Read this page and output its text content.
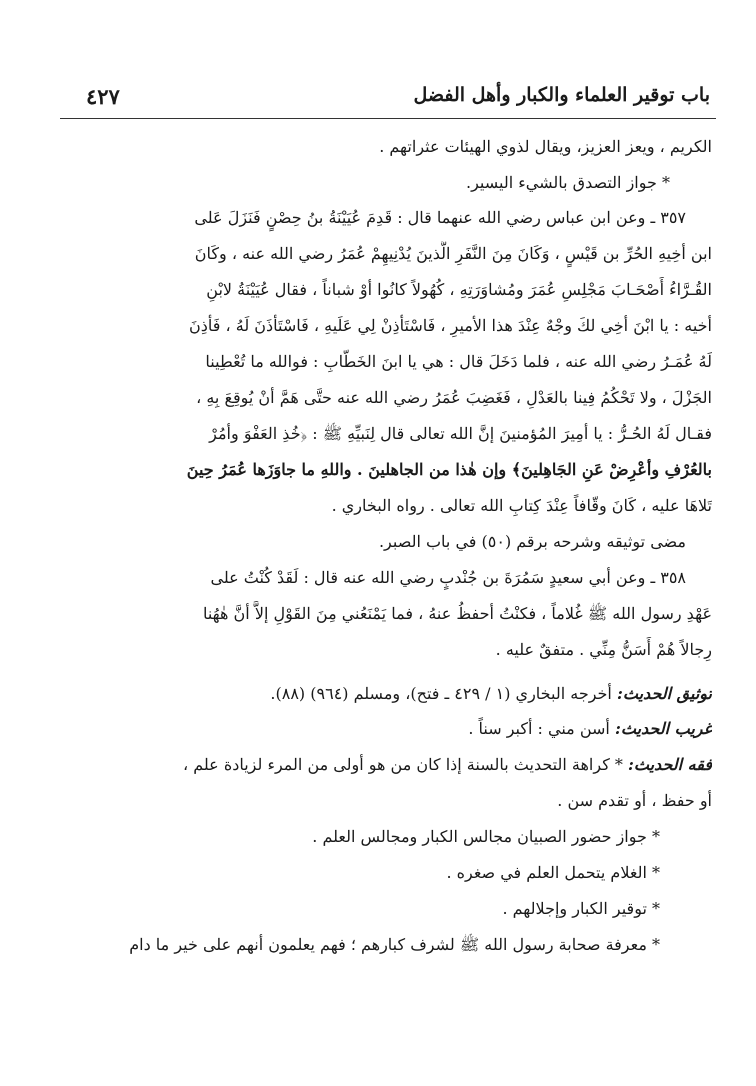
باب توقير العلماء والكبار وأهل الفضل
٤٢٧
الكريم ، ويعز العزيز، ويقال لذوي الهيئات عثراتهم .
* جواز التصدق بالشيء اليسير.
٣٥٧ ـ وعن ابن عباس رضي الله عنهما قال : قَدِمَ عُيَيْنَةُ بنُ حِصْنٍ فَنَزَلَ عَلى
ابن أخِيهِ الحُرِّ بن قَيْسٍ ، وَكَانَ مِنَ النَّفَرِ الَّذينَ يُدْنِيهِمْ عُمَرُ رضي الله عنه ، وكَانَ
القُـرَّاءُ أَصْحَـابَ مَجْلِسِ عُمَرَ ومُشاوَرَتِهِ ، كُهُولاً كانُوا أوْ شباناً ، فقال عُيَيْنَةُ لابْنِ
أخيه : يا ابْنَ أخِي لكَ وجْهٌ عِنْدَ هذا الأميرِ ، فَاسْتَأذِنْ لِي عَلَيهِ ، فَاسْتَأذَنَ لَهُ ، فَأذِنَ
لَهُ عُمَـرُ رضي الله عنه ، فلما دَخَلَ قال : هي يا ابنَ الخَطّابِ : فوالله ما تُعْطِينا
الجَزْلَ ، ولا تَحْكُمُ فِينا بالعَدْلِ ، فَغَضِبَ عُمَرُ رضي الله عنه حتَّى هَمَّ أنْ يُوقِعَ بِهِ ،
فقـال لَهُ الحُـرُّ : يا أمِيرَ المُؤمنينَ إنَّ الله تعالى قال لِنَبيِّهِ ﷺ : ﴿خُذِ العَفْوَ وأمُرْ
بالعُرْفِ وأعْرِضْ عَنِ الجَاهِلينَ﴾ وإن هٰذا من الجاهلينَ . واللهِ ما جاوَزَها عُمَرُ حِينَ
تَلاهَا عليه ، كَانَ وقّافاً عِنْدَ كِتابِ الله تعالى . رواه البخاري .
مضى توثيقه وشرحه برقم (٥٠) في باب الصبر.
٣٥٨ ـ وعن أبي سعيدٍ سَمُرَةَ بن جُنْدبٍ رضي الله عنه قال : لَقَدْ كُنْتُ على
عَهْدِ رسول الله ﷺ غُلاماً ، فكنْتُ أحفظُ عنهُ ، فما يَمْنَعُني مِنَ القَوْلِ إلاَّ أنَّ هٰهُنا
رِجالاً هُمْ أَسَنُّ مِنِّي . متفقٌ عليه .
توثيق الحديث: أخرجه البخاري (١ / ٤٢٩ ـ فتح)، ومسلم (٩٦٤) (٨٨).
غريب الحديث: أسن مني : أكبر سناً .
فقه الحديث: * كراهة التحديث بالسنة إذا كان من هو أولى من المرء لزيادة علم ،
أو حفظ ، أو تقدم سن .
* جواز حضور الصبيان مجالس الكبار ومجالس العلم .
* الغلام يتحمل العلم في صغره .
* توقير الكبار وإجلالهم .
* معرفة صحابة رسول الله ﷺ لشرف كبارهم ؛ فهم يعلمون أنهم على خير ما دام
